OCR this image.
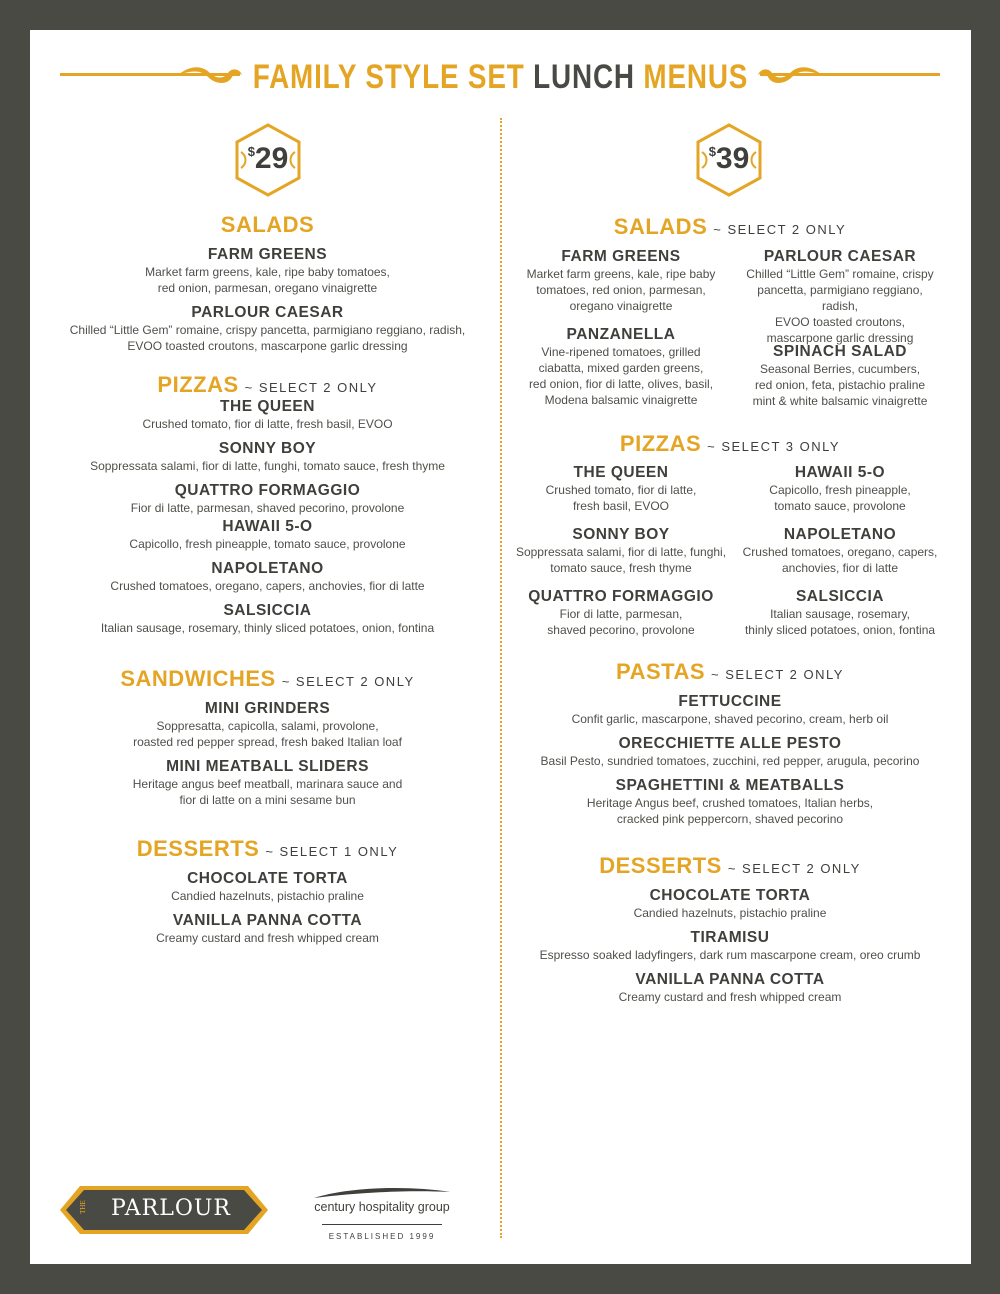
FAMILY STYLE SET LUNCH MENUS
$29
SALADS
FARM GREENS
Market farm greens, kale, ripe baby tomatoes,
red onion, parmesan, oregano vinaigrette
PARLOUR CAESAR
Chilled “Little Gem” romaine, crispy pancetta, parmigiano reggiano, radish,
EVOO toasted croutons, mascarpone garlic dressing
PIZZAS ~ SELECT 2 ONLY
THE QUEEN
Crushed tomato, fior di latte, fresh basil, EVOO
SONNY BOY
Soppressata salami, fior di latte, funghi, tomato sauce, fresh thyme
QUATTRO FORMAGGIO
Fior di latte, parmesan, shaved pecorino, provolone
HAWAII 5-O
Capicollo, fresh pineapple, tomato sauce, provolone
NAPOLETANO
Crushed tomatoes, oregano, capers, anchovies, fior di latte
SALSICCIA
Italian sausage, rosemary, thinly sliced potatoes, onion, fontina
SANDWICHES ~ SELECT 2 ONLY
MINI GRINDERS
Soppresatta, capicolla, salami, provolone,
roasted red pepper spread, fresh baked Italian loaf
MINI MEATBALL SLIDERS
Heritage angus beef meatball, marinara sauce and
fior di latte on a mini sesame bun
DESSERTS ~ SELECT 1 ONLY
CHOCOLATE TORTA
Candied hazelnuts, pistachio praline
VANILLA PANNA COTTA
Creamy custard and fresh whipped cream
$39
SALADS ~ SELECT 2 ONLY
FARM GREENS
Market farm greens, kale, ripe baby
tomatoes, red onion, parmesan,
oregano vinaigrette
PARLOUR CAESAR
Chilled “Little Gem” romaine, crispy
pancetta, parmigiano reggiano, radish,
EVOO toasted croutons,
mascarpone garlic dressing
PANZANELLA
Vine-ripened tomatoes, grilled
ciabatta, mixed garden greens,
red onion, fior di latte, olives, basil,
Modena balsamic vinaigrette
SPINACH SALAD
Seasonal Berries, cucumbers,
red onion, feta, pistachio praline
mint & white balsamic vinaigrette
PIZZAS ~ SELECT 3 ONLY
THE QUEEN
Crushed tomato, fior di latte,
fresh basil, EVOO
HAWAII 5-O
Capicollo, fresh pineapple,
tomato sauce, provolone
SONNY BOY
Soppressata salami, fior di latte, funghi,
tomato sauce, fresh thyme
NAPOLETANO
Crushed tomatoes, oregano, capers,
anchovies, fior di latte
QUATTRO FORMAGGIO
Fior di latte, parmesan,
shaved pecorino, provolone
SALSICCIA
Italian sausage, rosemary,
thinly sliced potatoes, onion, fontina
PASTAS ~ SELECT 2 ONLY
FETTUCCINE
Confit garlic, mascarpone, shaved pecorino, cream, herb oil
ORECCHIETTE ALLE PESTO
Basil Pesto, sundried tomatoes, zucchini, red pepper, arugula, pecorino
SPAGHETTINI & MEATBALLS
Heritage Angus beef, crushed tomatoes, Italian herbs,
cracked pink peppercorn, shaved pecorino
DESSERTS ~ SELECT 2 ONLY
CHOCOLATE TORTA
Candied hazelnuts, pistachio praline
TIRAMISU
Espresso soaked ladyfingers, dark rum mascarpone cream, oreo crumb
VANILLA PANNA COTTA
Creamy custard and fresh whipped cream
THE	PARLOUR	century hospitality group
ESTABLISHED 1999
